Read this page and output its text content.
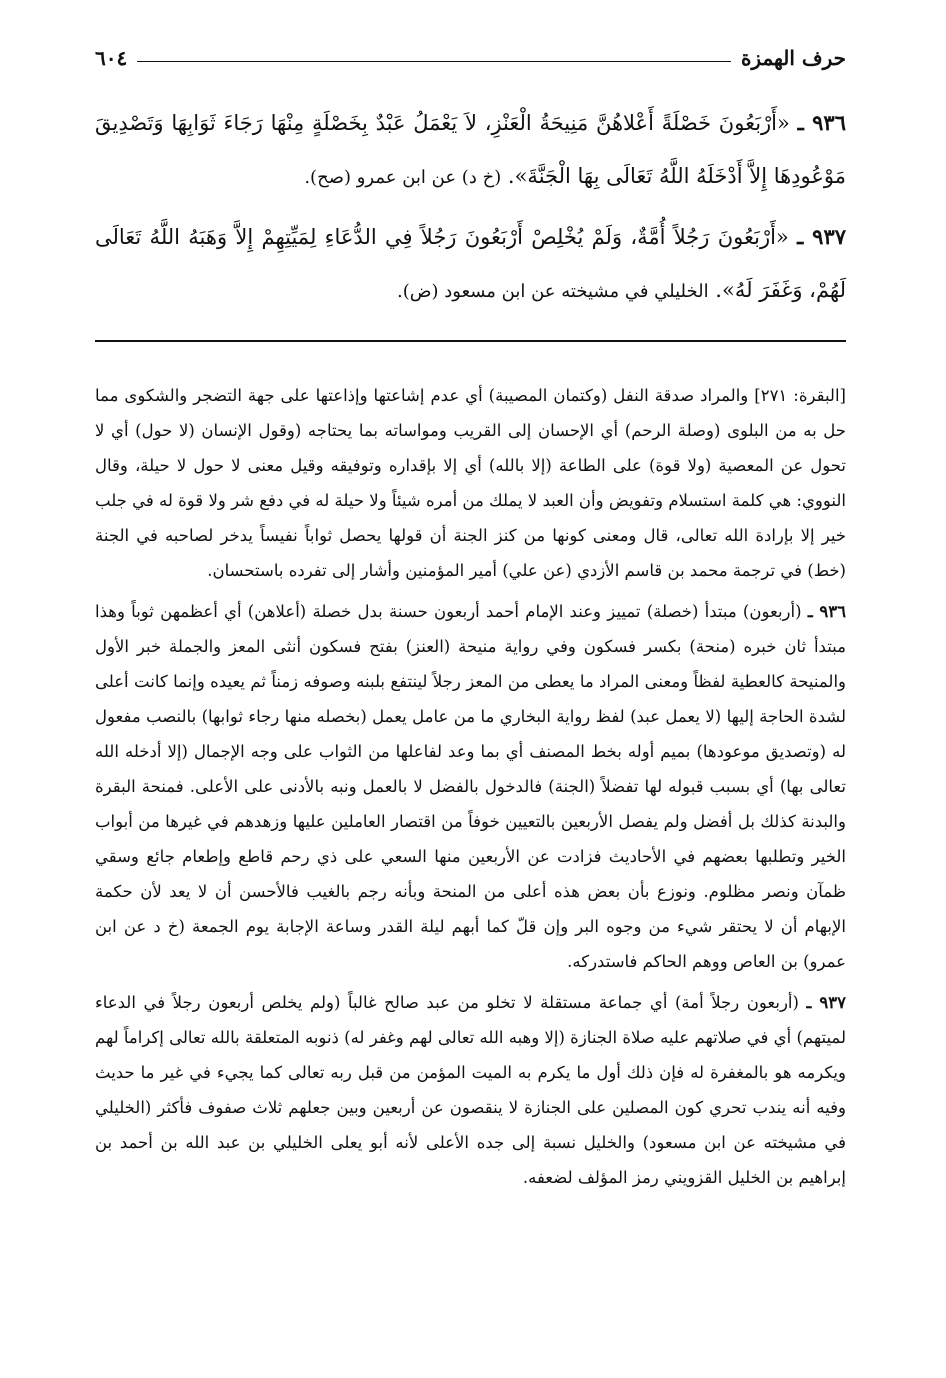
حرف الهمزة
٦٠٤

٩٣٦ ـ «أَرْبَعُونَ خَصْلَةً أَعْلاهُنَّ مَنِيحَةُ الْعَنْزِ، لاَ يَعْمَلُ عَبْدٌ بِخَصْلَةٍ مِنْهَا رَجَاءَ ثَوَابِهَا وَتَصْدِيقَ مَوْعُودِهَا إِلاَّ أَدْخَلَهُ اللَّهُ تَعَالَى بِهَا الْجَنَّةَ». (خ د) عن ابن عمرو (صح).

٩٣٧ ـ «أَرْبَعُونَ رَجُلاً أُمَّةٌ، وَلَمْ يُخْلِصْ أَرْبَعُونَ رَجُلاً فِي الدُّعَاءِ لِمَيِّتِهِمْ إِلاَّ وَهَبَهُ اللَّهُ تَعَالَى لَهُمْ، وَغَفَرَ لَهُ». الخليلي في مشيخته عن ابن مسعود (ض).

[البقرة: ٢٧١] والمراد صدقة النفل (وكتمان المصيبة) أي عدم إشاعتها وإذاعتها على جهة التضجر والشكوى مما حل به من البلوى (وصلة الرحم) أي الإحسان إلى القريب ومواساته بما يحتاجه (وقول الإنسان (لا حول) أي لا تحول عن المعصية (ولا قوة) على الطاعة (إلا بالله) أي إلا بإقداره وتوفيقه وقيل معنى لا حول لا حيلة، وقال النووي: هي كلمة استسلام وتفويض وأن العبد لا يملك من أمره شيئاً ولا حيلة له في دفع شر ولا قوة له في جلب خير إلا بإرادة الله تعالى، قال ومعنى كونها من كنز الجنة أن قولها يحصل ثواباً نفيساً يدخر لصاحبه في الجنة (خط) في ترجمة محمد بن قاسم الأزدي (عن علي) أمير المؤمنين وأشار إلى تفرده باستحسان.

٩٣٦ ـ (أربعون) مبتدأ (خصلة) تمييز وعند الإمام أحمد أربعون حسنة بدل خصلة (أعلاهن) أي أعظمهن ثوباً وهذا مبتدأ ثان خبره (منحة) بكسر فسكون وفي رواية منيحة (العنز) بفتح فسكون أنثى المعز والجملة خبر الأول والمنيحة كالعطية لفظاً ومعنى المراد ما يعطى من المعز رجلاً لينتفع بلبنه وصوفه زمناً ثم يعيده وإنما كانت أعلى لشدة الحاجة إليها (لا يعمل عبد) لفظ رواية البخاري ما من عامل يعمل (بخصله منها رجاء ثوابها) بالنصب مفعول له (وتصديق موعودها) بميم أوله بخط المصنف أي بما وعد لفاعلها من الثواب على وجه الإجمال (إلا أدخله الله تعالى بها) أي بسبب قبوله لها تفضلاً (الجنة) فالدخول بالفضل لا بالعمل ونبه بالأدنى على الأعلى. فمنحة البقرة والبدنة كذلك بل أفضل ولم يفصل الأربعين بالتعيين خوفاً من اقتصار العاملين عليها وزهدهم في غيرها من أبواب الخير وتطلبها بعضهم في الأحاديث فزادت عن الأربعين منها السعي على ذي رحم قاطع وإطعام جائع وسقي ظمآن ونصر مظلوم. ونوزع بأن بعض هذه أعلى من المنحة وبأنه رجم بالغيب فالأحسن أن لا يعد لأن حكمة الإبهام أن لا يحتقر شيء من وجوه البر وإن قلّ كما أبهم ليلة القدر وساعة الإجابة يوم الجمعة (خ د عن ابن عمرو) بن العاص ووهم الحاكم فاستدركه.

٩٣٧ ـ (أربعون رجلاً أمة) أي جماعة مستقلة لا تخلو من عبد صالح غالباً (ولم يخلص أربعون رجلاً في الدعاء لميتهم) أي في صلاتهم عليه صلاة الجنازة (إلا وهبه الله تعالى لهم وغفر له) ذنوبه المتعلقة بالله تعالى إكراماً لهم ويكرمه هو بالمغفرة له فإن ذلك أول ما يكرم به الميت المؤمن من قبل ربه تعالى كما يجيء في غير ما حديث وفيه أنه يندب تحري كون المصلين على الجنازة لا ينقصون عن أربعين وبين جعلهم ثلاث صفوف فأكثر (الخليلي في مشيخته عن ابن مسعود) والخليل نسبة إلى جده الأعلى لأنه أبو يعلى الخليلي بن عبد الله بن أحمد بن إبراهيم بن الخليل القزويني رمز المؤلف لضعفه.
